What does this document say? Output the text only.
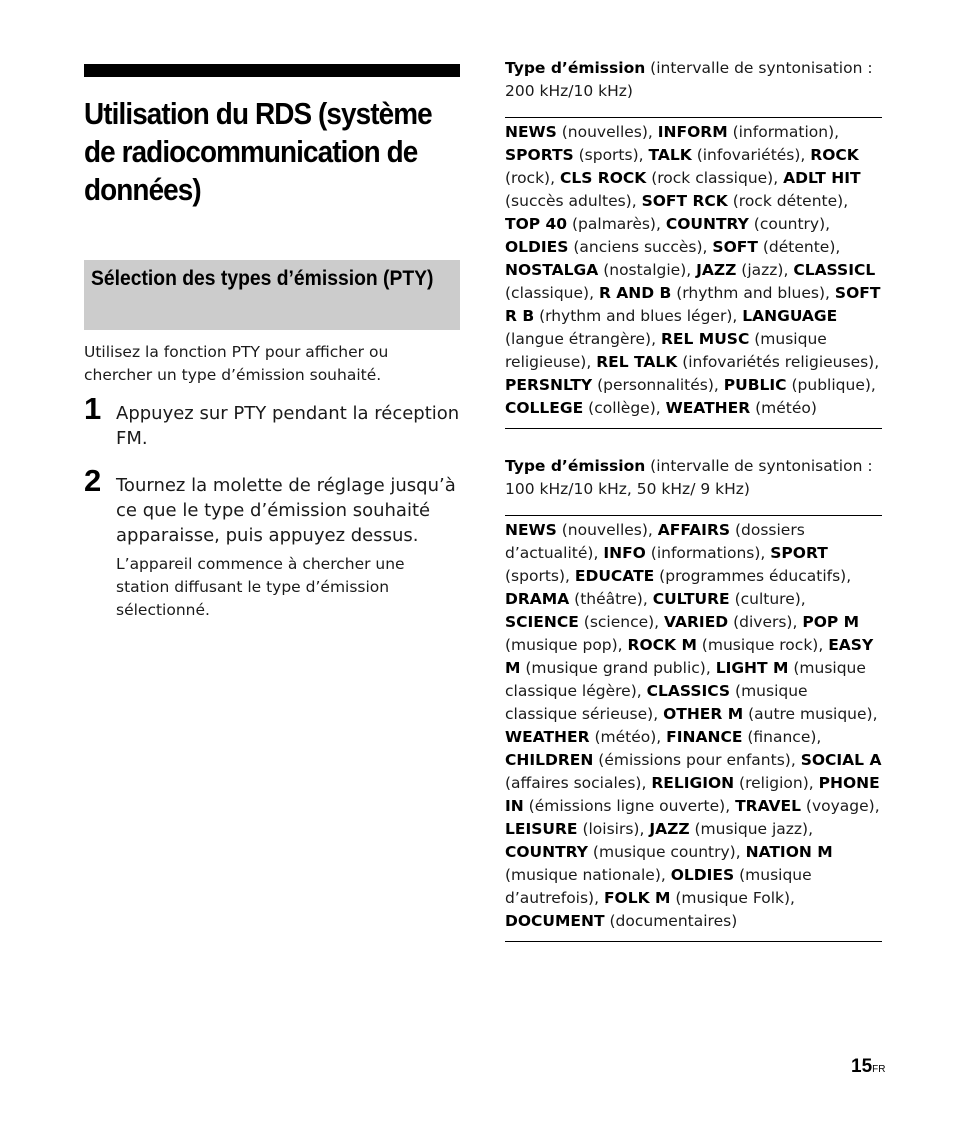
Utilisation du RDS (système de radiocommunication de données)
Sélection des types d’émission (PTY)
Utilisez la fonction PTY pour afficher ou chercher un type d’émission souhaité.
1 Appuyez sur PTY pendant la réception FM.
2 Tournez la molette de réglage jusqu’à ce que le type d’émission souhaité apparaisse, puis appuyez dessus.
L’appareil commence à chercher une station diffusant le type d’émission sélectionné.
Type d’émission (intervalle de syntonisation : 200 kHz/10 kHz)
NEWS (nouvelles), INFORM (information), SPORTS (sports), TALK (infovariétés), ROCK (rock), CLS ROCK (rock classique), ADLT HIT (succès adultes), SOFT RCK (rock détente), TOP 40 (palmarès), COUNTRY (country), OLDIES (anciens succès), SOFT (détente), NOSTALGA (nostalgie), JAZZ (jazz), CLASSICL (classique), R AND B (rhythm and blues), SOFT R B (rhythm and blues léger), LANGUAGE (langue étrangère), REL MUSC (musique religieuse), REL TALK (infovariétés religieuses), PERSNLTY (personnalités), PUBLIC (publique), COLLEGE (collège), WEATHER (météo)
Type d’émission (intervalle de syntonisation : 100 kHz/10 kHz, 50 kHz/ 9 kHz)
NEWS (nouvelles), AFFAIRS (dossiers d’actualité), INFO (informations), SPORT (sports), EDUCATE (programmes éducatifs), DRAMA (théâtre), CULTURE (culture), SCIENCE (science), VARIED (divers), POP M (musique pop), ROCK M (musique rock), EASY M (musique grand public), LIGHT M (musique classique légère), CLASSICS (musique classique sérieuse), OTHER M (autre musique), WEATHER (météo), FINANCE (finance), CHILDREN (émissions pour enfants), SOCIAL A (affaires sociales), RELIGION (religion), PHONE IN (émissions ligne ouverte), TRAVEL (voyage), LEISURE (loisirs), JAZZ (musique jazz), COUNTRY (musique country), NATION M (musique nationale), OLDIES (musique d’autrefois), FOLK M (musique Folk), DOCUMENT (documentaires)
15FR
